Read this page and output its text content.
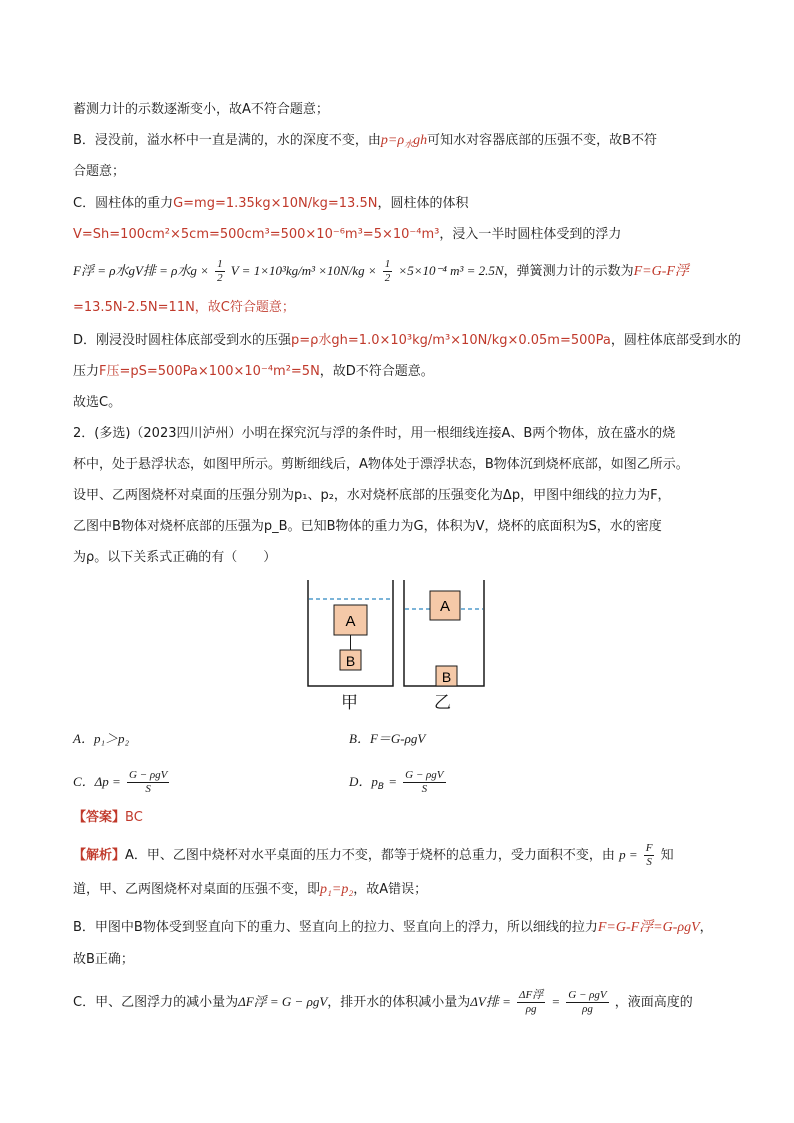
蓄测力计的示数逐渐变小，故A不符合题意；
B．浸没前，溢水杯中一直是满的，水的深度不变，由$p=\rho_水gh$可知水对容器底部的压强不变，故B不符
合题意；
C．圆柱体的重力G=mg=1.35kg×10N/kg=13.5N，圆柱体的体积
V=Sh=100cm²×5cm=500cm³=500×10⁻⁶m³=5×10⁻⁴m³，浸入一半时圆柱体受到的浮力
F浮 = ρ水gV排 = ρ水$g \times \frac{1}{2}$ $V = 1\times 10^3kg/m^3 \times 10N/kg \times \frac{1}{2} \times 5\times 10^{-4}$ m³ = 2.5N，弹簧测力计的示数为F=G-F浮
=13.5N-2.5N=11N，故C符合题意；
D．刚浸没时圆柱体底部受到水的压强p=ρ水gh=1.0×10³kg/m³×10N/kg×0.05m=500Pa，圆柱体底部受到水的
压力F压=pS=500Pa×100×10⁻⁴m²=5N，故D不符合题意。
故选C。
2．(多选)（2023四川泸州）小明在探究沉与浮的条件时，用一根细线连接A、B两个物体，放在盛水的烧
杯中，处于悬浮状态，如图甲所示。剪断细线后，A物体处于漂浮状态，B物体沉到烧杯底部，如图乙所示。
设甲、乙两图烧杯对桌面的压强分别为p₁、p₂，水对烧杯底部的压强变化为Δp，甲图中细线的拉力为F，
乙图中B物体对烧杯底部的压强为p_B。已知B物体的重力为G，体积为V，烧杯的底面积为S，水的密度
为ρ。以下关系式正确的有（　　）
A
B
A
B
甲	乙
A．p₁＞p₂	B．F＝G-ρgV
C．$\Delta p = \frac{\text{G − ρgV}}{S}$	D．$p_B = \frac{\text{G − ρgV}}{S}$
【答案】BC
【解析】A．甲、乙图中烧杯对水平桌面的压力不变，都等于烧杯的总重力，受力面积不变，由 $p = \frac{F}{S}$ 知
道，甲、乙两图烧杯对桌面的压强不变，即p₁=p₂，故A错误；
B．甲图中B物体受到竖直向下的重力、竖直向上的拉力、竖直向上的浮力，所以细线的拉力F=G-F浮=G-ρgV，
故B正确；
C．甲、乙图浮力的减小量为ΔF浮 = G − ρgV，排开水的体积减小量为ΔV排 = $\frac{\text{ΔF浮}}{\rho g} = \frac{\text{G − ρgV}}{\rho g}$ ，液面高度的
